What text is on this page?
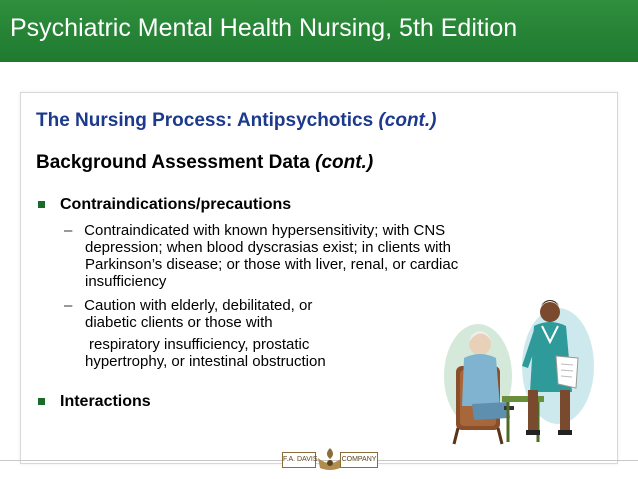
Psychiatric Mental Health Nursing, 5th Edition
The Nursing Process: Antipsychotics (cont.)
Background Assessment Data (cont.)
Contraindications/precautions
– Contraindicated with known hypersensitivity; with CNS
depression; when blood dyscrasias exist; in clients with
Parkinson’s disease; or those with liver, renal, or cardiac
insufficiency
– Caution with elderly, debilitated, or
diabetic clients or those with
respiratory insufficiency, prostatic
hypertrophy, or intestinal obstruction
Interactions
F.A. DAVIS	COMPANY
